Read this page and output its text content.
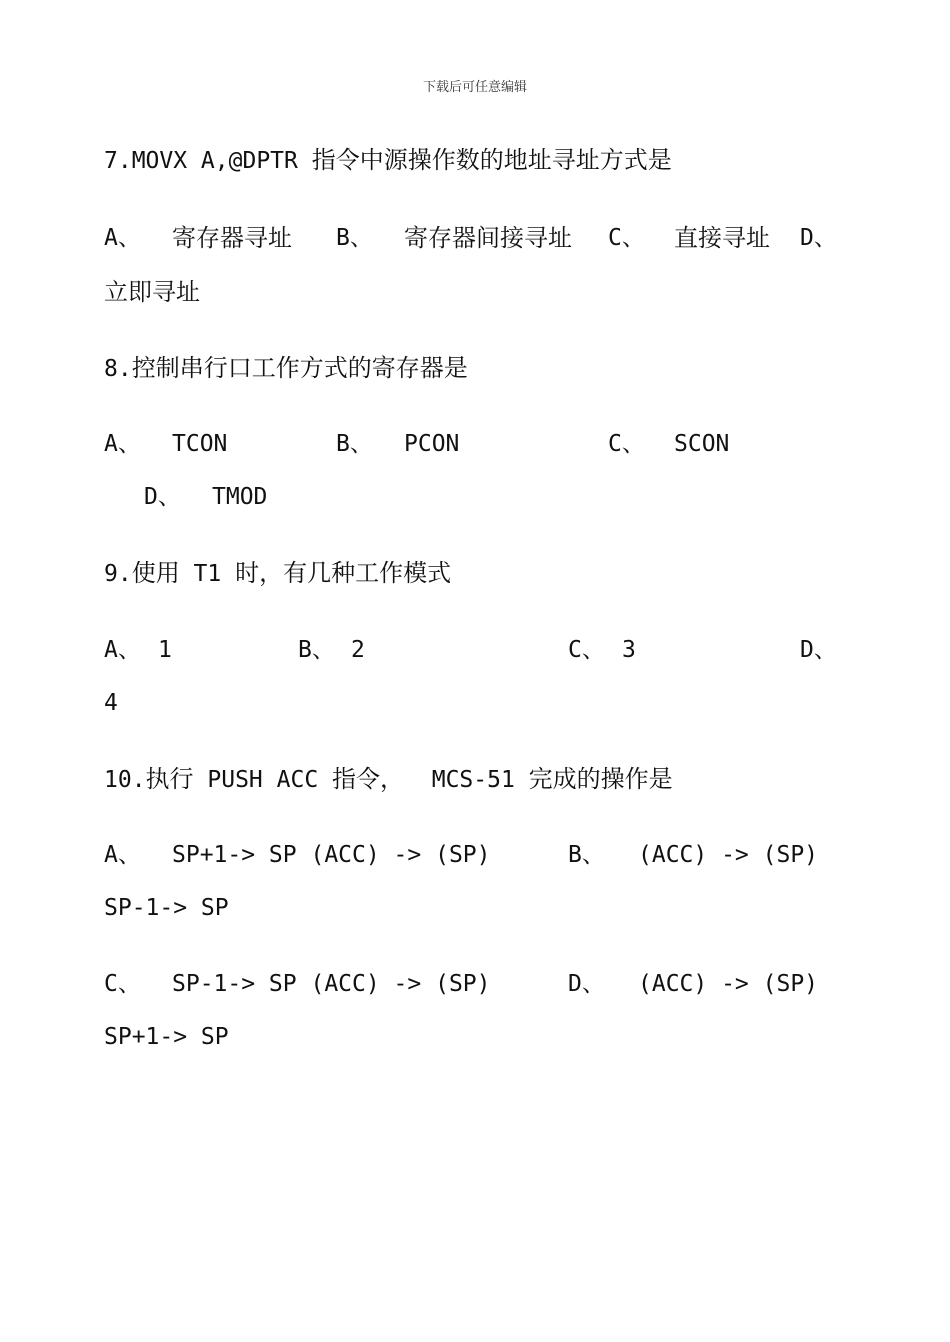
下载后可任意编辑
7.MOVX A,@DPTR 指令中源操作数的地址寻址方式是
A、 寄存器寻址 B、 寄存器间接寻址 C、 直接寻址 D、
立即寻址
8.控制串行口工作方式的寄存器是
A、 TCON	B、 PCON	C、 SCON
D、 TMOD
9.使用 T1 时，有几种工作模式
A、 1	B、 2	C、 3	D、
4
10.执行 PUSH ACC 指令，  MCS-51 完成的操作是
A、 SP+1-> SP (ACC) -> (SP)	B、 (ACC) -> (SP)
SP-1-> SP
C、 SP-1-> SP (ACC) -> (SP)	D、 (ACC) -> (SP)
SP+1-> SP
